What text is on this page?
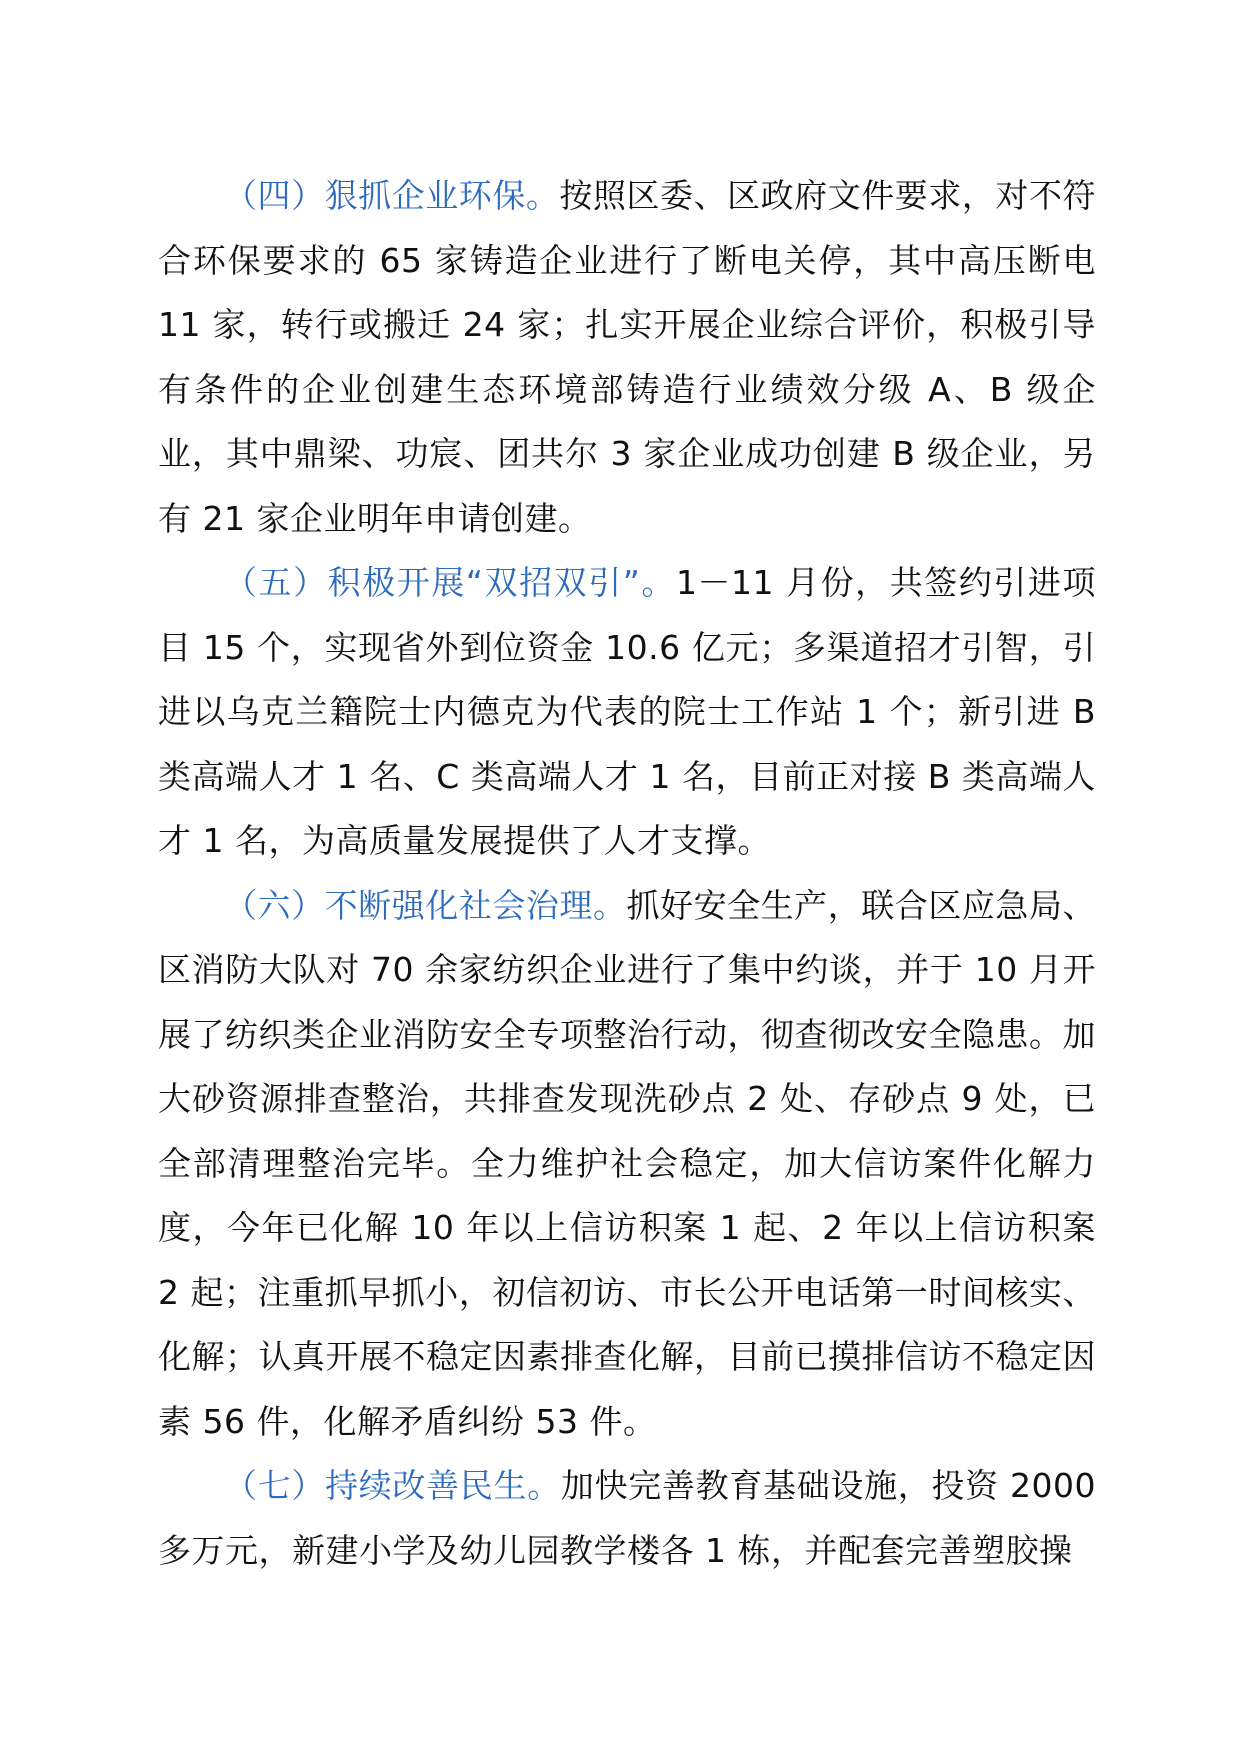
（四）狠抓企业环保。按照区委、区政府文件要求，对不符合环保要求的 65 家铸造企业进行了断电关停，其中高压断电 11 家，转行或搬迁 24 家；扎实开展企业综合评价，积极引导有条件的企业创建生态环境部铸造行业绩效分级 A、B 级企业，其中鼎梁、功宸、团共尔 3 家企业成功创建 B 级企业，另有 21 家企业明年申请创建。

（五）积极开展“双招双引”。1－11 月份，共签约引进项目 15 个，实现省外到位资金 10.6 亿元；多渠道招才引智，引进以乌克兰籍院士内德克为代表的院士工作站 1 个；新引进 B 类高端人才 1 名、C 类高端人才 1 名，目前正对接 B 类高端人才 1 名，为高质量发展提供了人才支撑。

（六）不断强化社会治理。抓好安全生产，联合区应急局、区消防大队对 70 余家纺织企业进行了集中约谈，并于 10 月开展了纺织类企业消防安全专项整治行动，彻查彻改安全隐患。加大砂资源排查整治，共排查发现洗砂点 2 处、存砂点 9 处，已全部清理整治完毕。全力维护社会稳定，加大信访案件化解力度，今年已化解 10 年以上信访积案 1 起、2 年以上信访积案 2 起；注重抓早抓小，初信初访、市长公开电话第一时间核实、化解；认真开展不稳定因素排查化解，目前已摸排信访不稳定因素 56 件，化解矛盾纠纷 53 件。

（七）持续改善民生。加快完善教育基础设施，投资 2000 多万元，新建小学及幼儿园教学楼各 1 栋，并配套完善塑胶操
